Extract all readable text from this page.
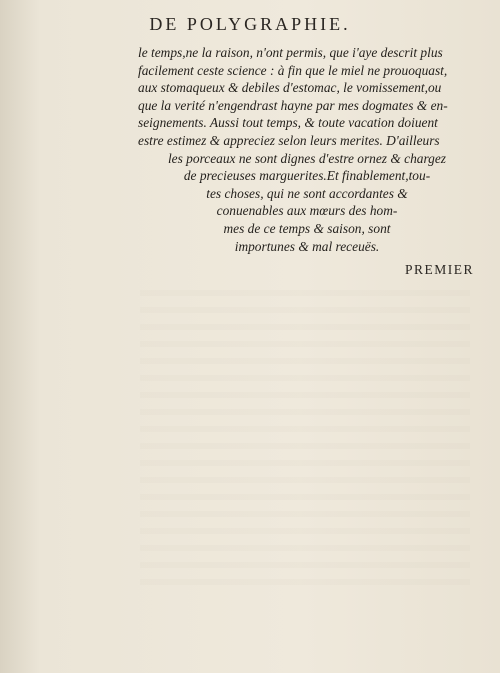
DE POLYGRAPHIE.
le temps,ne la raison, n'ont permis, que i'aye descrit plus
facilement ceste science : à fin que le miel ne prouoquast,
aux stomaqueux & debiles d'estomac, le vomissement,ou
que la verité n'engendrast hayne par mes dogmates & en-
seignements. Aussi tout temps, & toute vacation doiuent
estre estimez & appreciez selon leurs merites. D'ailleurs
les porceaux ne sont dignes d'estre ornez & chargez
de precieuses marguerites.Et finablement,tou-
tes choses, qui ne sont accordantes &
conuenables aux mœurs des hom-
mes de ce temps & saison, sont
importunes & mal receuës.
PREMIER
